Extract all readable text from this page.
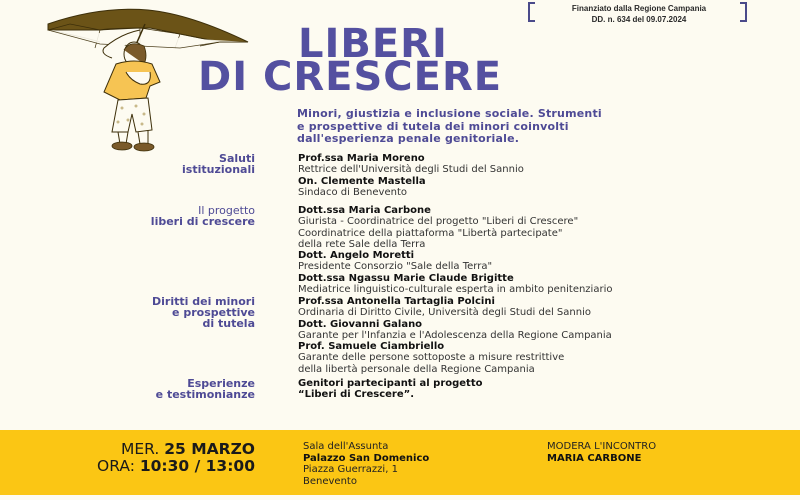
Finanziato dalla Regione Campania
DD. n. 634 del 09.07.2024
LIBERI
DI CRESCERE
Minori, giustizia e inclusione sociale. Strumenti
e prospettive di tutela dei minori coinvolti
dall'esperienza penale genitoriale.
Saluti
istituzionali
Prof.ssa Maria Moreno
Rettrice dell'Università degli Studi del Sannio
On. Clemente Mastella
Sindaco di Benevento
Il progetto
liberi di crescere
Dott.ssa Maria Carbone
Giurista - Coordinatrice del progetto "Liberi di Crescere"
Coordinatrice della piattaforma "Libertà partecipate"
della rete Sale della Terra
Dott. Angelo Moretti
Presidente Consorzio "Sale della Terra"
Dott.ssa Ngassu Marie Claude Brigitte
Mediatrice linguistico-culturale esperta in ambito penitenziario
Diritti dei minori
e prospettive
di tutela
Prof.ssa Antonella Tartaglia Polcini
Ordinaria di Diritto Civile, Università degli Studi del Sannio
Dott. Giovanni Galano
Garante per l'Infanzia e l'Adolescenza della Regione Campania
Prof. Samuele Ciambriello
Garante delle persone sottoposte a misure restrittive
della libertà personale della Regione Campania
Esperienze
e testimonianze
Genitori partecipanti al progetto
“Liberi di Crescere”.
MER. 25 MARZO
ORA: 10:30 / 13:00
Sala dell'Assunta
Palazzo San Domenico
Piazza Guerrazzi, 1
Benevento
MODERA L'INCONTRO
MARIA CARBONE
